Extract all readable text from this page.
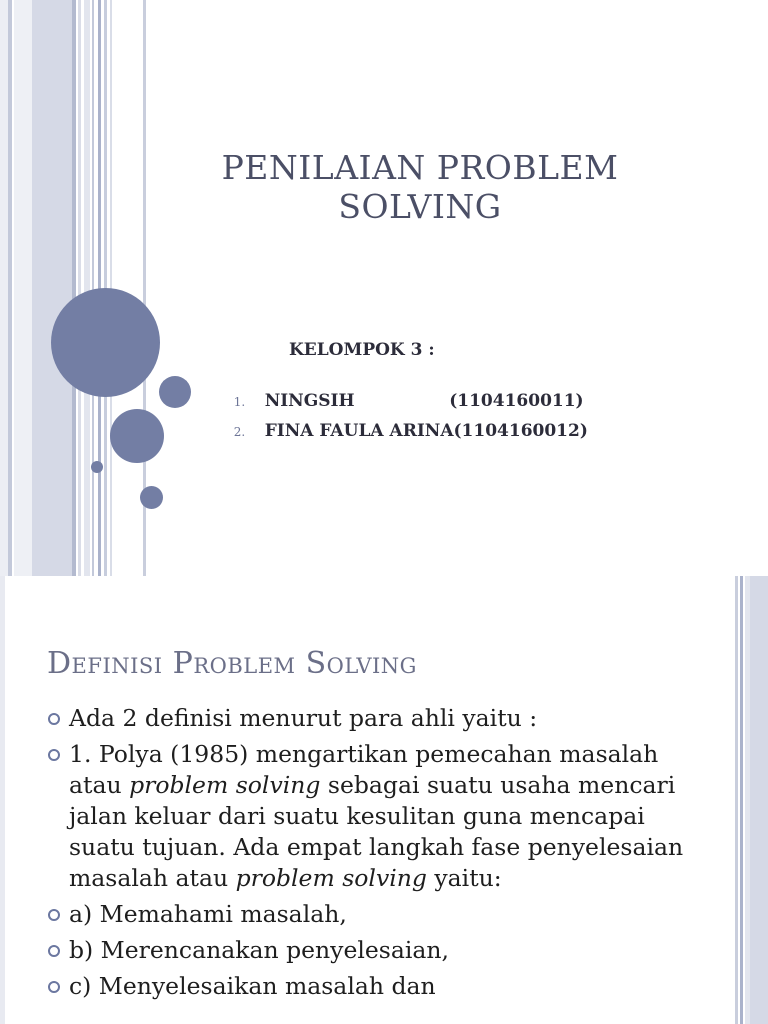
PENILAIAN PROBLEM
SOLVING
KELOMPOK 3 :

1. NINGSIH                (1104160011)

2. FINA FAULA ARINA(1104160012)

Definisi Problem Solving
Ada 2 definisi menurut para ahli yaitu :
1. Polya (1985) mengartikan pemecahan masalah atau problem solving sebagai suatu usaha mencari jalan keluar dari suatu kesulitan guna mencapai suatu tujuan. Ada empat langkah fase penyelesaian masalah atau problem solving yaitu:
a) Memahami masalah,
b) Merencanakan penyelesaian,
c) Menyelesaikan masalah dan
